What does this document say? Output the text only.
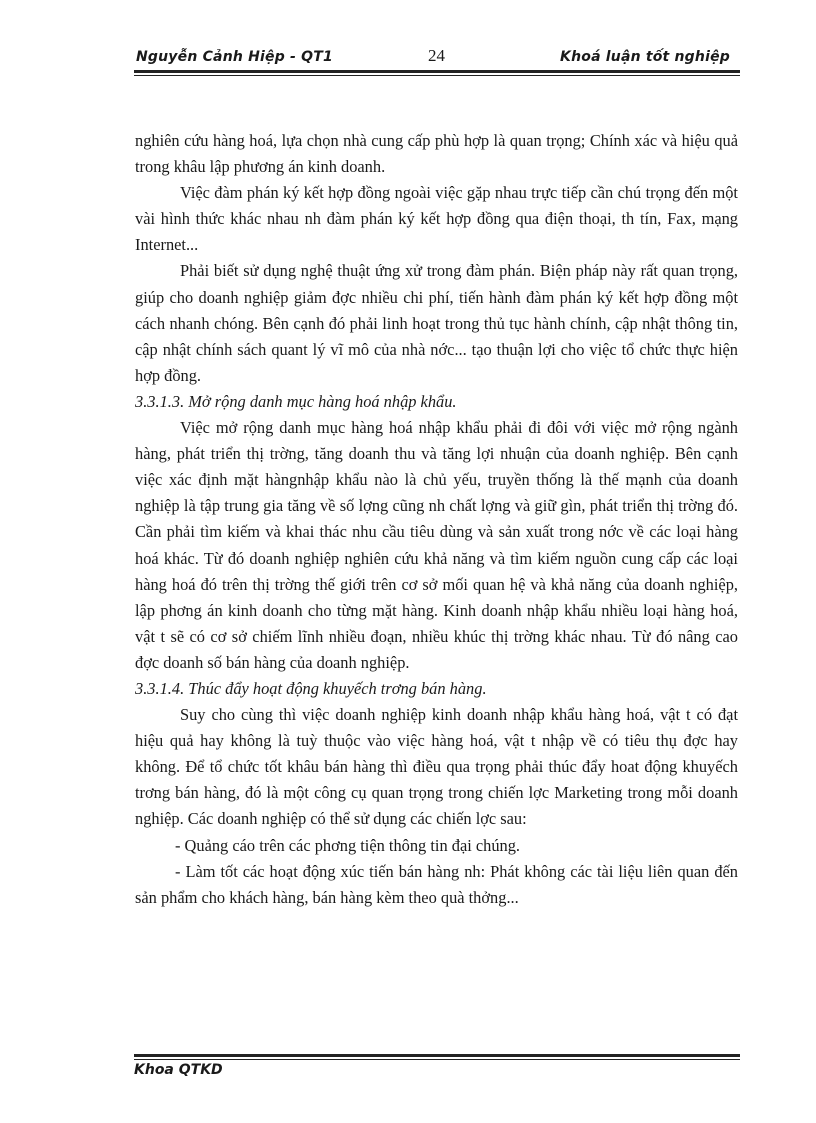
Nguyễn Cảnh Hiệp - QT1	24	Khoá luận tốt nghiệp

nghiên cứu hàng hoá, lựa chọn nhà cung cấp phù hợp là quan trọng; Chính xác và hiệu quả trong khâu lập phương án kinh doanh.

Việc đàm phán ký kết hợp đồng ngoài việc gặp nhau trực tiếp cần chú trọng đến một vài hình thức khác nhau nh đàm phán ký kết hợp đồng qua điện thoại, th tín, Fax, mạng Internet...

Phải biết sử dụng nghệ thuật ứng xử trong đàm phán. Biện pháp này rất quan trọng, giúp cho doanh nghiệp giảm đợc nhiều chi phí, tiến hành đàm phán ký kết hợp đồng một cách nhanh chóng. Bên cạnh đó phải linh hoạt trong thủ tục hành chính, cập nhật thông tin, cập nhật chính sách quant lý vĩ mô của nhà nớc... tạo thuận lợi cho việc tổ chức thực hiện hợp đồng.

3.3.1.3. Mở rộng danh mục hàng hoá nhập khẩu.

Việc mở rộng danh mục hàng hoá nhập khẩu phải đi đôi với việc mở rộng ngành hàng, phát triển thị trờng, tăng doanh thu và tăng lợi nhuận của doanh nghiệp. Bên cạnh việc xác định mặt hàngnhập khẩu nào là chủ yếu, truyền thống là thế mạnh của doanh nghiệp là tập trung gia tăng về số lợng cũng nh chất lợng và giữ gìn, phát triển thị trờng đó. Cần phải tìm kiếm và khai thác nhu cầu tiêu dùng và sản xuất trong nớc về các loại hàng hoá khác. Từ đó doanh nghiệp nghiên cứu khả năng và tìm kiếm nguồn cung cấp các loại hàng hoá đó trên thị trờng thế giới trên cơ sở mối quan hệ và khả năng của doanh nghiệp, lập phơng án kinh doanh cho từng mặt hàng. Kinh doanh nhập khẩu nhiều loại hàng hoá, vật t sẽ có cơ sở chiếm lĩnh nhiều đoạn, nhiều khúc thị trờng khác nhau. Từ đó nâng cao đợc doanh số bán hàng của doanh nghiệp.

3.3.1.4. Thúc đẩy hoạt động khuyếch trơng bán hàng.

Suy cho cùng thì việc doanh nghiệp kinh doanh nhập khẩu hàng hoá, vật t có đạt hiệu quả hay không là tuỳ thuộc vào việc hàng hoá, vật t nhập về có tiêu thụ đợc hay không. Để tổ chức tốt khâu bán hàng thì điều qua trọng phải thúc đẩy hoat động khuyếch trơng bán hàng, đó là một công cụ quan trọng trong chiến lợc Marketing trong mỗi doanh nghiệp. Các doanh nghiệp có thể sử dụng các chiến lợc sau:

- Quảng cáo trên các phơng tiện thông tin đại chúng.

- Làm tốt các hoạt động xúc tiến bán hàng nh: Phát không các tài liệu liên quan đến sản phẩm cho khách hàng, bán hàng kèm theo quà thởng...

Khoa QTKD
